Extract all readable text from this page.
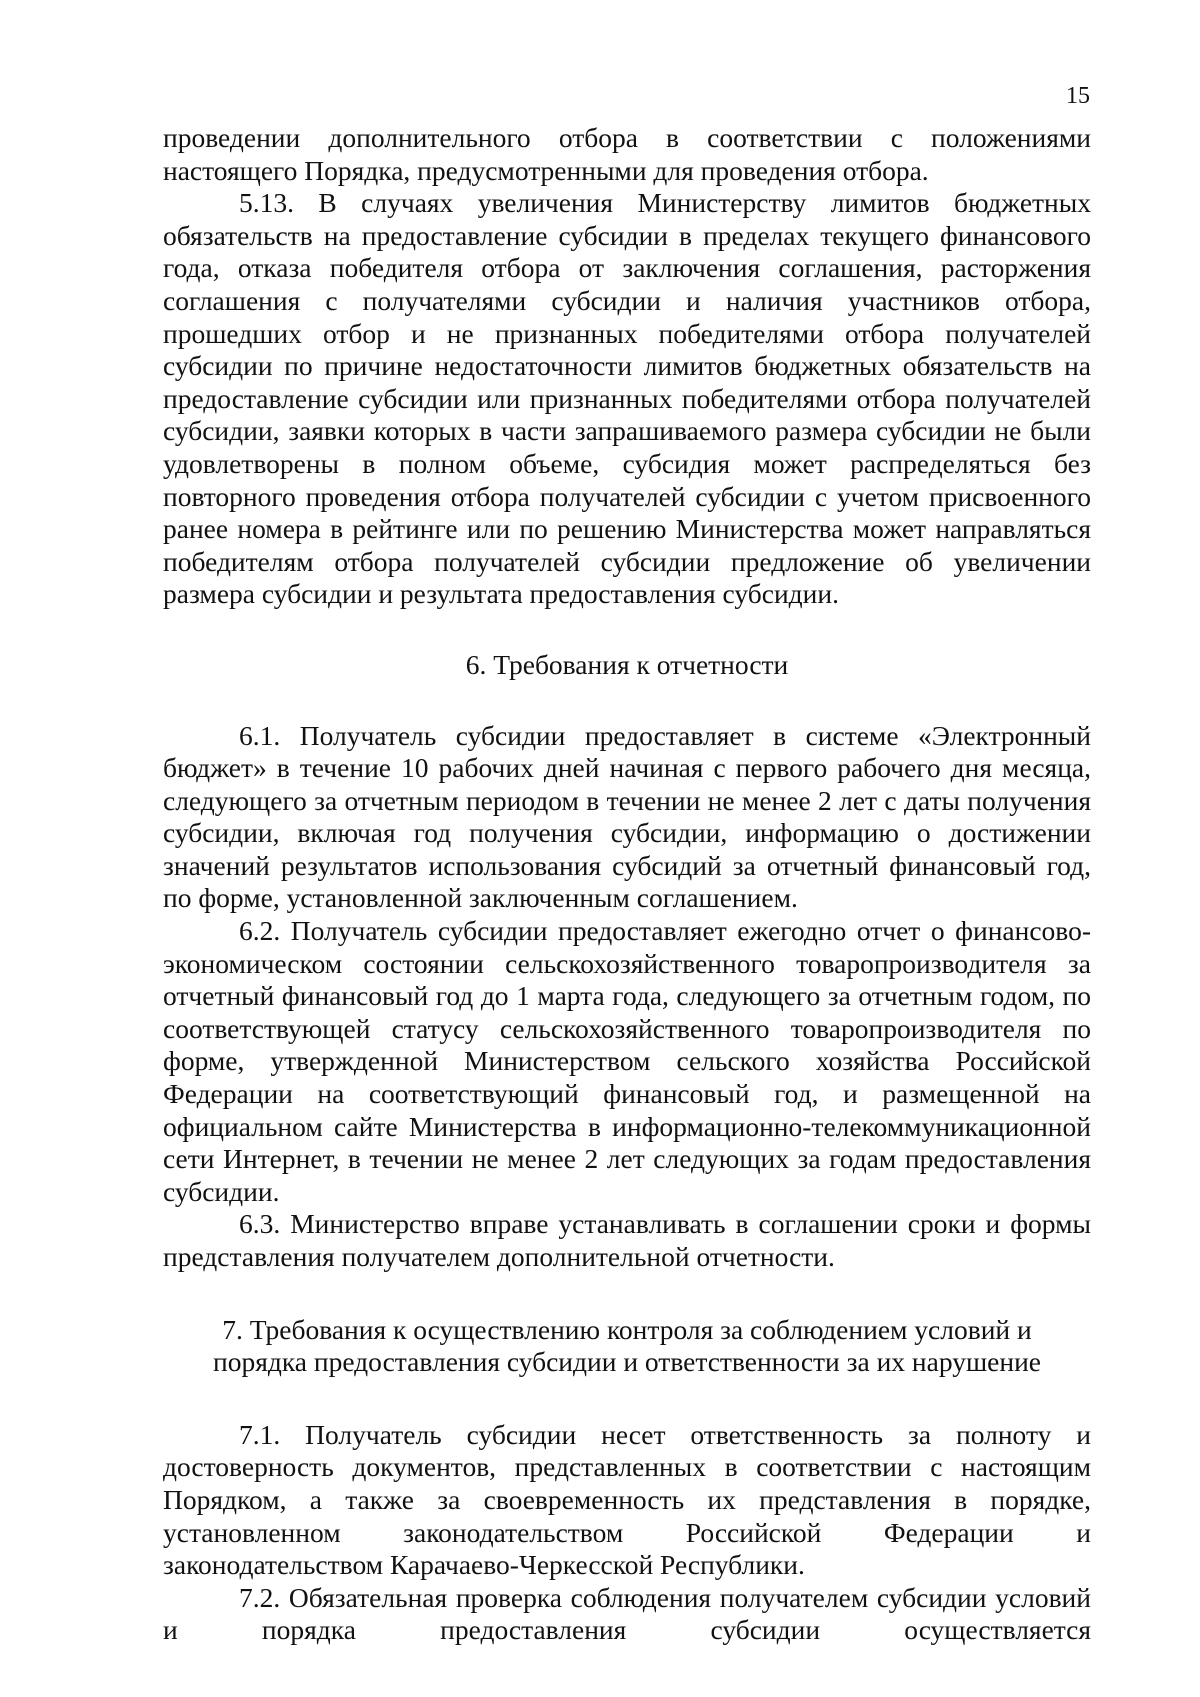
15

проведении дополнительного отбора в соответствии с положениями настоящего Порядка, предусмотренными для проведения отбора.

5.13. В случаях увеличения Министерству лимитов бюджетных обязательств на предоставление субсидии в пределах текущего финансового года, отказа победителя отбора от заключения соглашения, расторжения соглашения с получателями субсидии и наличия участников отбора, прошедших отбор и не признанных победителями отбора получателей субсидии по причине недостаточности лимитов бюджетных обязательств на предоставление субсидии или признанных победителями отбора получателей субсидии, заявки которых в части запрашиваемого размера субсидии не были удовлетворены в полном объеме, субсидия может распределяться без повторного проведения отбора получателей субсидии с учетом присвоенного ранее номера в рейтинге или по решению Министерства может направляться победителям отбора получателей субсидии предложение об увеличении размера субсидии и результата предоставления субсидии.

6. Требования к отчетности

6.1. Получатель субсидии предоставляет в системе «Электронный бюджет» в течение 10 рабочих дней начиная с первого рабочего дня месяца, следующего за отчетным периодом в течении не менее 2 лет с даты получения субсидии, включая год получения субсидии, информацию о достижении значений результатов использования субсидий за отчетный финансовый год, по форме, установленной заключенным соглашением.

6.2. Получатель субсидии предоставляет ежегодно отчет о финансово-экономическом состоянии сельскохозяйственного товаропроизводителя за отчетный финансовый год до 1 марта года, следующего за отчетным годом, по соответствующей статусу сельскохозяйственного товаропроизводителя по форме, утвержденной Министерством сельского хозяйства Российской Федерации на соответствующий финансовый год, и размещенной на официальном сайте Министерства в информационно-телекоммуникационной сети Интернет, в течении не менее 2 лет следующих за годам предоставления субсидии.

6.3. Министерство вправе устанавливать в соглашении сроки и формы представления получателем дополнительной отчетности.

7. Требования к осуществлению контроля за соблюдением условий и порядка предоставления субсидии и ответственности за их нарушение

7.1. Получатель субсидии несет ответственность за полноту и достоверность документов, представленных в соответствии с настоящим Порядком, а также за своевременность их представления в порядке, установленном законодательством Российской Федерации и законодательством Карачаево-Черкесской Республики.

7.2. Обязательная проверка соблюдения получателем субсидии условий и порядка предоставления субсидии осуществляется
